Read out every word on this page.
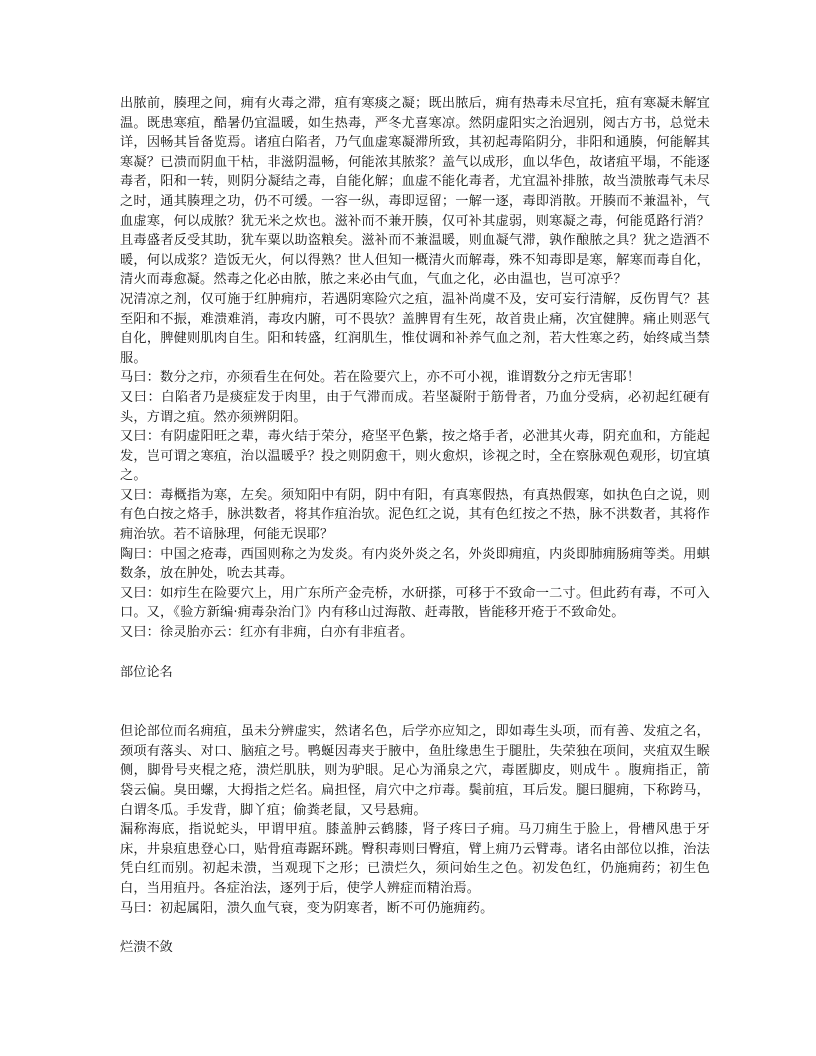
出脓前，腠理之间，痈有火毒之滞，疽有寒痰之凝；既出脓后，痈有热毒未尽宜托，疽有寒凝未解宜温。既患寒疽，酷暑仍宜温暖，如生热毒，严冬尤喜寒凉。然阴虚阳实之治迥别，阅古方书，总觉未详，因畅其旨备览焉。诸疽白陷者，乃气血虚寒凝滞所致，其初起毒陷阴分，非阳和通腠，何能解其寒凝？已溃而阴血干枯，非滋阴温畅，何能浓其脓浆？盖气以成形，血以华色，故诸疽平塌，不能逐毒者，阳和一转，则阴分凝结之毒，自能化解；血虚不能化毒者，尤宜温补排脓，故当溃脓毒气未尽之时，通其腠理之功，仍不可缓。一容一纵，毒即逗留；一解一逐，毒即消散。开腠而不兼温补，气血虚寒，何以成脓？犹无米之炊也。滋补而不兼开腠，仅可补其虚弱，则寒凝之毒，何能觅路行消？且毒盛者反受其助，犹车粟以助盗粮矣。滋补而不兼温暖，则血凝气滞，孰作酿脓之具？犹之造酒不暖，何以成浆？造饭无火，何以得熟？世人但知一概清火而解毒，殊不知毒即是寒，解寒而毒自化，清火而毒愈凝。然毒之化必由脓，脓之来必由气血，气血之化，必由温也，岂可凉乎？

况清凉之剂，仅可施于红肿痈疖，若遇阴寒险穴之疽，温补尚虞不及，安可妄行清解，反伤胃气？甚至阳和不振，难溃难消，毒攻内腑，可不畏欤？盖脾胃有生死，故首贵止痛，次宜健脾。痛止则恶气自化，脾健则肌肉自生。阳和转盛，红润肌生，惟仗调和补养气血之剂，若大性寒之药，始终咸当禁服。

马曰：数分之疖，亦须看生在何处。若在险要穴上，亦不可小视，谁谓数分之疖无害耶！

又曰：白陷者乃是痰症发于肉里，由于气滞而成。若坚凝附于筋骨者，乃血分受病，必初起红硬有头，方谓之疽。然亦须辨阴阳。

又曰：有阴虚阳旺之辈，毒火结于荣分，疮坚平色紫，按之烙手者，必泄其火毒，阴充血和，方能起发，岂可谓之寒疽，治以温暖乎？投之则阴愈干，则火愈炽，诊视之时，全在察脉观色观形，切宜填之。

又曰：毒概指为寒，左矣。须知阳中有阴，阴中有阳，有真寒假热，有真热假寒，如执色白之说，则有色白按之烙手，脉洪数者，将其作疽治欤。泥色红之说，其有色红按之不热，脉不洪数者，其将作痈治欤。若不谙脉理，何能无误耶？

陶曰：中国之疮毒，西国则称之为发炎。有内炎外炎之名，外炎即痈疽，内炎即肺痈肠痈等类。用蜞数条，放在肿处，吮去其毒。

又曰：如疖生在险要穴上，用广东所产金壳桥，水研搽，可移于不致命一二寸。但此药有毒，不可入口。又，《验方新编·痈毒杂治门》内有移山过海散、赶毒散，皆能移开疮于不致命处。

又曰：徐灵胎亦云：红亦有非痈，白亦有非疽者。

部位论名

但论部位而名痈疽，虽未分辨虚实，然诸名色，后学亦应知之，即如毒生头项，而有善、发疽之名，颈项有落头、对口、脑疽之号。鸭蜒因毒夹于腋中，鱼肚缘患生于腿肚，失荣独在项间，夹疽双生睺侧，脚骨号夹棍之疮，溃烂肌肤，则为驴眼。足心为涌泉之穴，毒匿脚皮，则成牛 。腹痈指正，箭袋云偏。臭田螺，大拇指之烂名。扁担怪，肩穴中之疖毒。鬓前疽，耳后发。腿曰腿痈，下称跨马，白谓冬瓜。手发背，脚丫疽；偷粪老鼠，又号悬痈。

漏称海底，指说蛇头，甲谓甲疽。膝盖肿云鹤膝，肾子疼曰子痈。马刀痈生于脸上，骨槽风患于牙床，井泉疽患登心口，贴骨疽毒踞环跳。臀积毒则曰臀疽，臂上痈乃云臂毒。诸名由部位以推，治法凭白红而别。初起未溃，当观现下之形；已溃烂久，须问始生之色。初发色红，仍施痈药；初生色白，当用疽丹。各症治法，逐列于后，使学人辨症而精治焉。

马曰：初起属阳，溃久血气衰，变为阴寒者，断不可仍施痈药。

烂溃不敛
